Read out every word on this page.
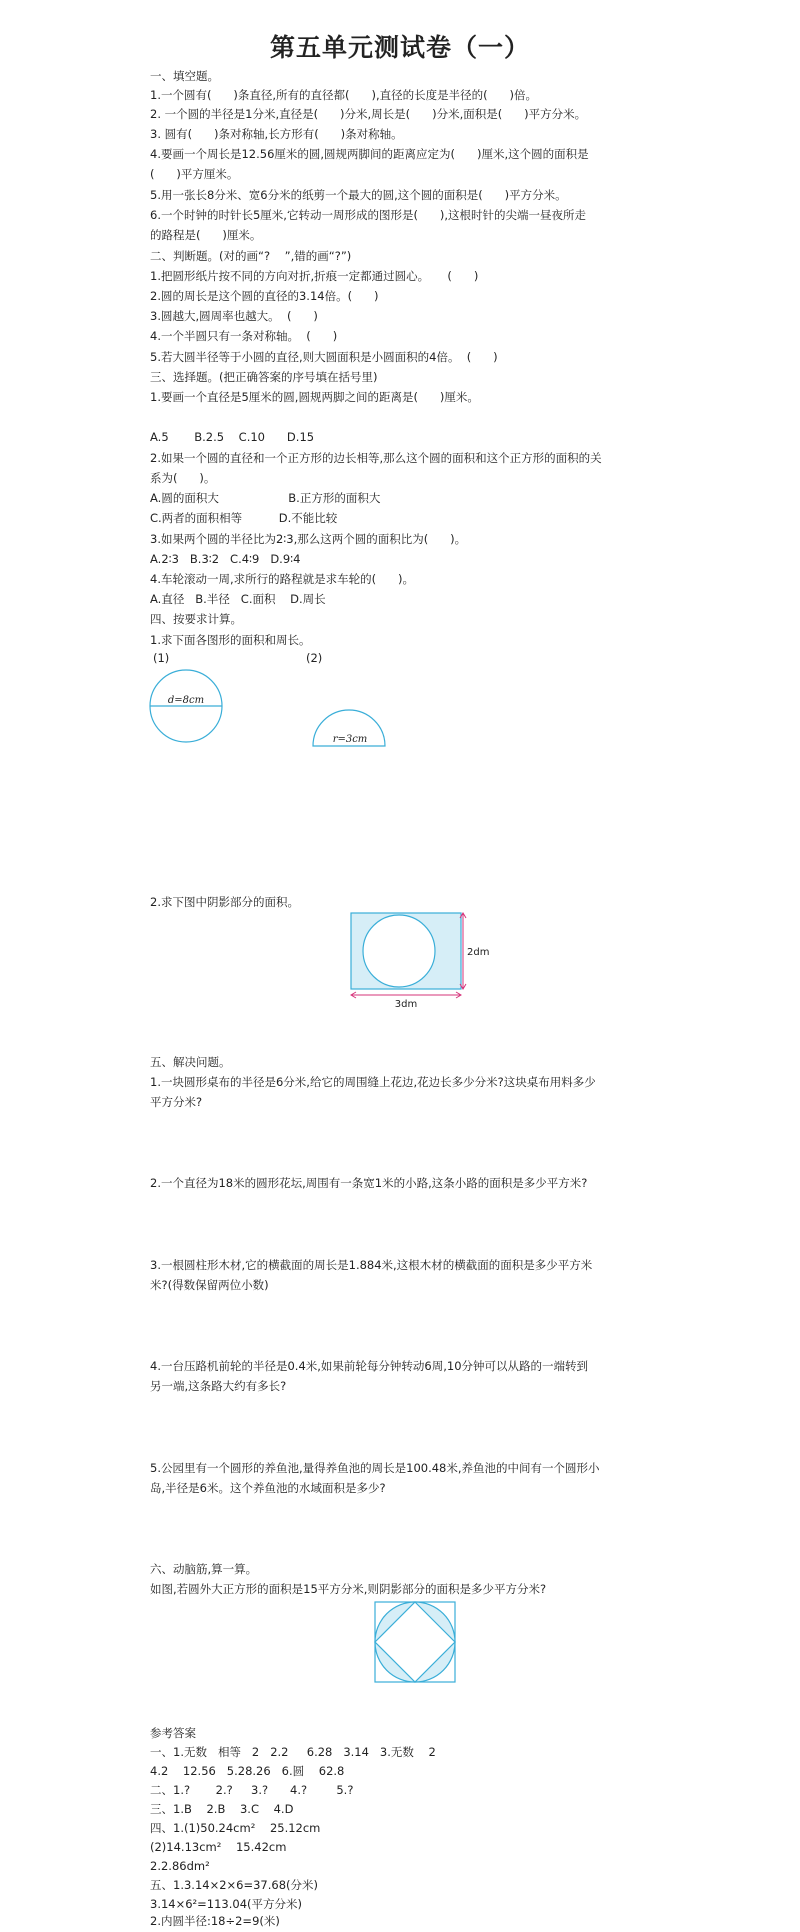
第五单元测试卷（一）
一、填空题。
1.一个圆有(      )条直径,所有的直径都(      ),直径的长度是半径的(      )倍。
2. 一个圆的半径是1分米,直径是(      )分米,周长是(      )分米,面积是(      )平方分米。
3. 圆有(      )条对称轴,长方形有(      )条对称轴。
4.要画一个周长是12.56厘米的圆,圆规两脚间的距离应定为(      )厘米,这个圆的面积是
(      )平方厘米。
5.用一张长8分米、宽6分米的纸剪一个最大的圆,这个圆的面积是(      )平方分米。
6.一个时钟的时针长5厘米,它转动一周形成的图形是(      ),这根时针的尖端一昼夜所走
的路程是(      )厘米。
二、判断题。(对的画“?    ”,错的画“?”)
1.把圆形纸片按不同的方向对折,折痕一定都通过圆心。     (      )
2.圆的周长是这个圆的直径的3.14倍。(      )
3.圆越大,圆周率也越大。  (      )
4.一个半圆只有一条对称轴。  (      )
5.若大圆半径等于小圆的直径,则大圆面积是小圆面积的4倍。  (      )
三、选择题。(把正确答案的序号填在括号里)
1.要画一个直径是5厘米的圆,圆规两脚之间的距离是(      )厘米。
A.5       B.2.5    C.10      D.15
2.如果一个圆的直径和一个正方形的边长相等,那么这个圆的面积和这个正方形的面积的关
系为(      )。
A.圆的面积大                   B.正方形的面积大
C.两者的面积相等          D.不能比较
3.如果两个圆的半径比为2∶3,那么这两个圆的面积比为(      )。
A.2∶3   B.3∶2   C.4∶9   D.9∶4
4.车轮滚动一周,求所行的路程就是求车轮的(      )。
A.直径   B.半径   C.面积    D.周长
四、按要求计算。
1.求下面各图形的面积和周长。
(1)	(2)
d=8cm
r=3cm
2.求下图中阴影部分的面积。
2dm
3dm
五、解决问题。
1.一块圆形桌布的半径是6分米,给它的周围缝上花边,花边长多少分米?这块桌布用料多少
平方分米?
2.一个直径为18米的圆形花坛,周围有一条宽1米的小路,这条小路的面积是多少平方米?
3.一根圆柱形木材,它的横截面的周长是1.884米,这根木材的横截面的面积是多少平方米
米?(得数保留两位小数)
4.一台压路机前轮的半径是0.4米,如果前轮每分钟转动6周,10分钟可以从路的一端转到
另一端,这条路大约有多长?
5.公园里有一个圆形的养鱼池,量得养鱼池的周长是100.48米,养鱼池的中间有一个圆形小
岛,半径是6米。这个养鱼池的水域面积是多少?
六、动脑筋,算一算。
如图,若圆外大正方形的面积是15平方分米,则阴影部分的面积是多少平方分米?
参考答案
一、1.无数   相等   2   2.2     6.28   3.14   3.无数    2
4.2    12.56   5.28.26   6.圆    62.8
二、1.?       2.?     3.?      4.?        5.?
三、1.B    2.B    3.C    4.D
四、1.(1)50.24cm²    25.12cm
(2)14.13cm²    15.42cm
2.2.86dm²
五、1.3.14×2×6=37.68(分米)
3.14×6²=113.04(平方分米)
2.内圆半径:18÷2=9(米)
